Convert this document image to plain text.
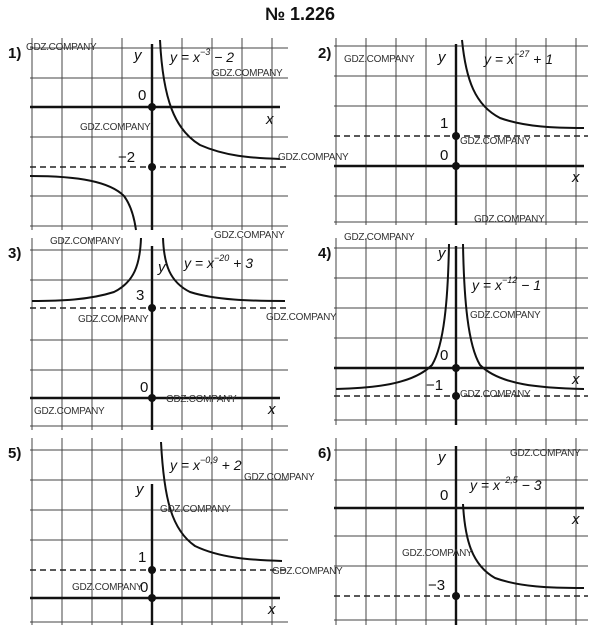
№ 1.226
1)	y
x
0
−2
$y = x^{-3} - 2$	2)	y
x
0
1
$y = x^{-27} + 1$
3)
y
x
0
3
$y = x^{-20} + 3$
4)	y
x
0
−1
$y = x^{-12} - 1$
5)
y
x
0
1
$y = x^{-0,9} + 2$
6)	y
x
0
−3
$y = x^{-2,5} - 3$
GDZ.COMPANY
GDZ.COMPANY
GDZ.COMPANY
GDZ.COMPANY
GDZ.COMPANY
GDZ.COMPANY
GDZ.COMPANY
GDZ.COMPANY
GDZ.COMPANY	GDZ.COMPANY
GDZ.COMPANY
GDZ.COMPANY	GDZ.COMPANY
GDZ.COMPANY
GDZ.COMPANY
GDZ.COMPANY
GDZ.COMPANY
GDZ.COMPANY
GDZ.COMPANY
GDZ.COMPANY
GDZ.COMPANY
GDZ.COMPANY
